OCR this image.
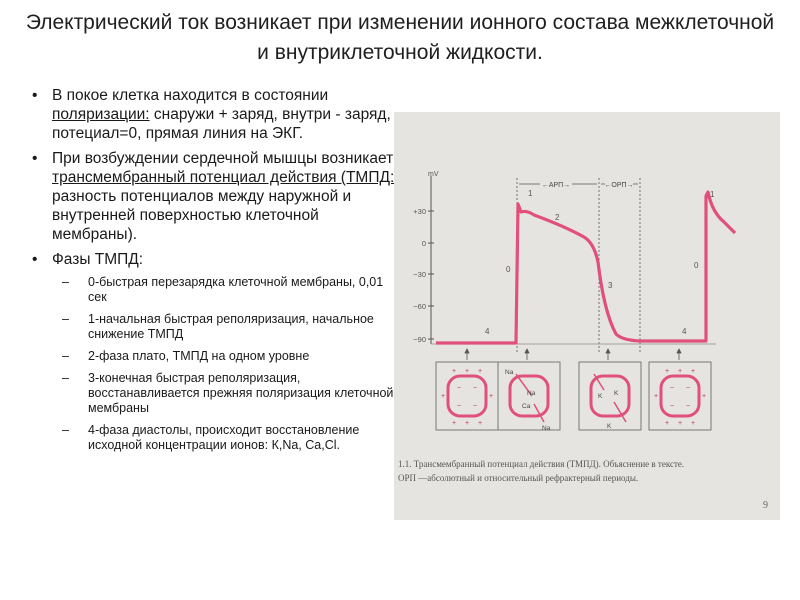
Электрический ток возникает при изменении ионного состава межклеточной и внутриклеточной жидкости.
• В покое клетка находится в состоянии поляризации: снаружи + заряд, внутри - заряд, потециал=0, прямая линия на ЭКГ.
• При возбуждении сердечной мышцы возникает трансмембранный потенциал действия (ТМПД: разность потенциалов между наружной и внутренней поверхностью клеточной мембраны).
• Фазы ТМПД:
– 0-быстрая перезарядка клеточной мембраны, 0,01 сек
– 1-начальная быстрая реполяризация, начальное снижение ТМПД
– 2-фаза плато, ТМПД на одном уровне
– 3-конечная быстрая реполяризация, восстанавливается прежняя поляризация клеточной мембраны
– 4-фаза диастолы, происходит восстановление исходной концентрации ионов: К,Na, Ca,Cl.
mV
+30
0
−30
−60
−90
←АРП→	←ОРП→
0
1
2
3
4
0
1
4
+ + +
+ + +
+	+
− −
− −
+ + +
+ + +
+	+
− −
− −
Na
Na
Ca
K K
K
Na
1.1. Трансмембранный потенциал действия (ТМПД). Объяснение в тексте.
ОРП —абсолютный и относительный рефрактерный периоды.
9
